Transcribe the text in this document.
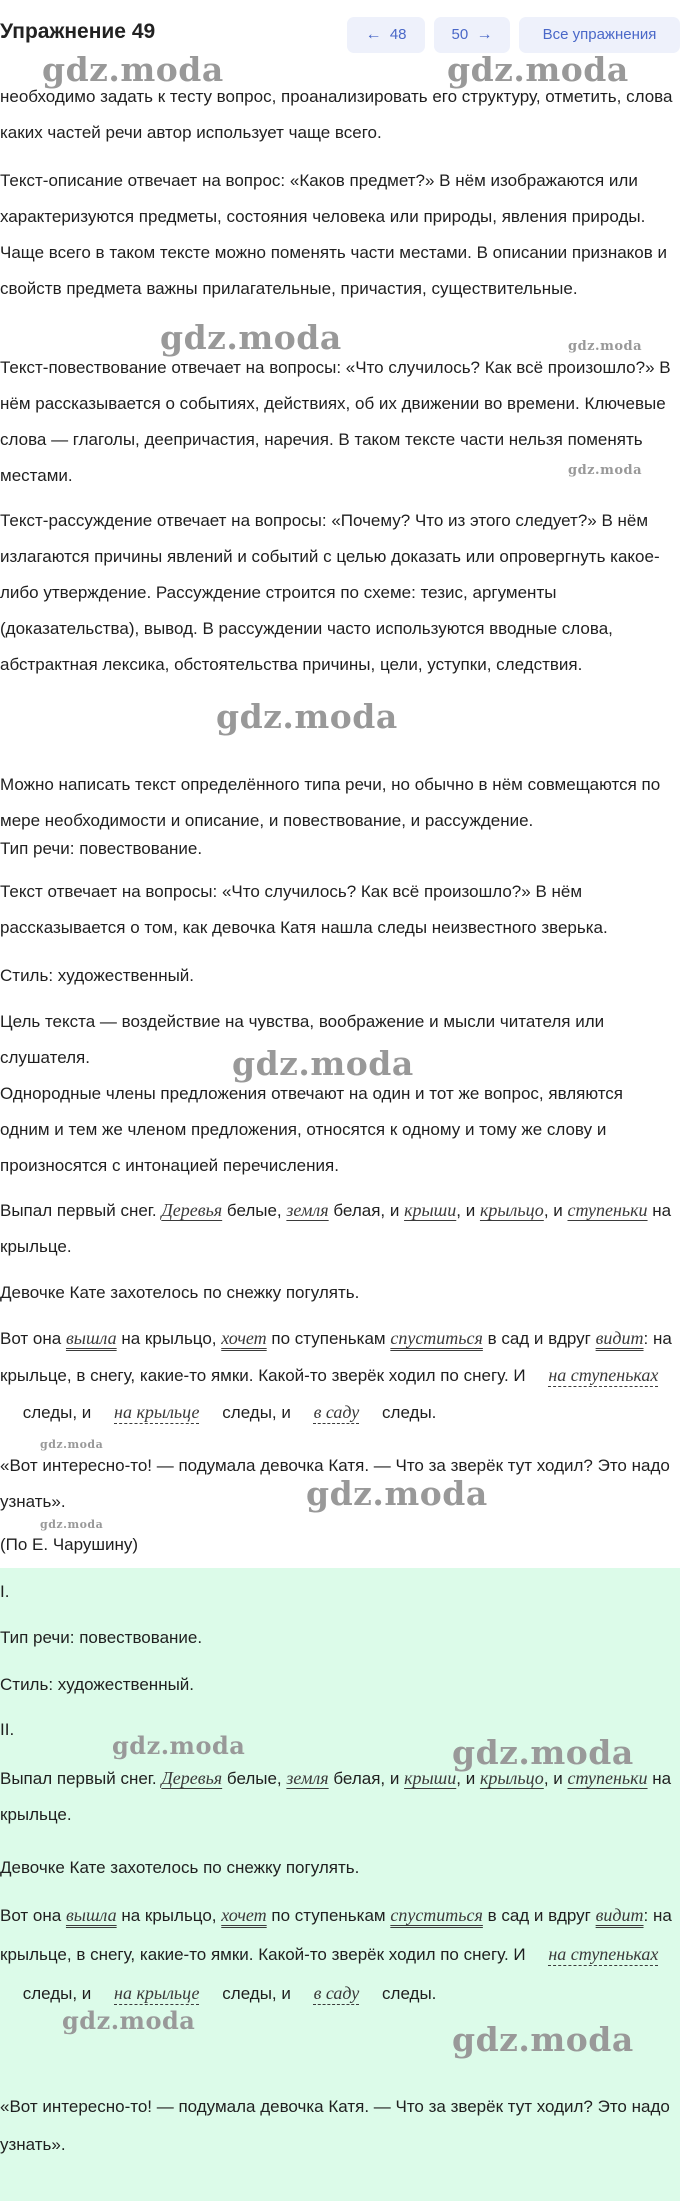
Упражнение 49	← 48	50 →	Все упражнения

необходимо задать к тесту вопрос, проанализировать его структуру, отметить, слова каких частей речи автор использует чаще всего.

Текст-описание отвечает на вопрос: «Каков предмет?» В нём изображаются или характеризуются предметы, состояния человека или природы, явления природы. Чаще всего в таком тексте можно поменять части местами. В описании признаков и свойств предмета важны прилагательные, причастия, существительные.

Текст-повествование отвечает на вопросы: «Что случилось? Как всё произошло?» В нём рассказывается о событиях, действиях, об их движении во времени. Ключевые слова — глаголы, деепричастия, наречия. В таком тексте части нельзя поменять местами.

Текст-рассуждение отвечает на вопросы: «Почему? Что из этого следует?» В нём излагаются причины явлений и событий с целью доказать или опровергнуть какое-либо утверждение. Рассуждение строится по схеме: тезис, аргументы (доказательства), вывод. В рассуждении часто используются вводные слова, абстрактная лексика, обстоятельства причины, цели, уступки, следствия.

Можно написать текст определённого типа речи, но обычно в нём совмещаются по мере необходимости и описание, и повествование, и рассуждение.

Тип речи: повествование.

Текст отвечает на вопросы: «Что случилось? Как всё произошло?» В нём рассказывается о том, как девочка Катя нашла следы неизвестного зверька.

Стиль: художественный.

Цель текста — воздействие на чувства, воображение и мысли читателя или слушателя.

Однородные члены предложения отвечают на один и тот же вопрос, являются одним и тем же членом предложения, относятся к одному и тому же слову и произносятся с интонацией перечисления.

Выпал первый снег. Деревья белые, земля белая, и крыши, и крыльцо, и ступеньки на крыльце.

Девочке Кате захотелось по снежку погулять.

Вот она вышла на крыльцо, хочет по ступенькам спуститься в сад и вдруг видит: на крыльце, в снегу, какие-то ямки. Какой-то зверёк ходил по снегу. И на ступеньках следы, и на крыльце следы, и в саду следы.

«Вот интересно-то! — подумала девочка Катя. — Что за зверёк тут ходил? Это надо узнать».

(По Е. Чарушину)

I.

Тип речи: повествование.

Стиль: художественный.

II.

Выпал первый снег. Деревья белые, земля белая, и крыши, и крыльцо, и ступеньки на крыльце.

Девочке Кате захотелось по снежку погулять.

Вот она вышла на крыльцо, хочет по ступенькам спуститься в сад и вдруг видит: на крыльце, в снегу, какие-то ямки. Какой-то зверёк ходил по снегу. И на ступеньках следы, и на крыльце следы, и в саду следы.

«Вот интересно-то! — подумала девочка Катя. — Что за зверёк тут ходил? Это надо узнать».

gdz.moda	gdz.moda
gdz.moda	gdz.moda
gdz.moda
gdz.moda
gdz.moda
gdz.moda
gdz.moda
gdz.moda
gdz.moda	gdz.moda
gdz.moda	gdz.moda
